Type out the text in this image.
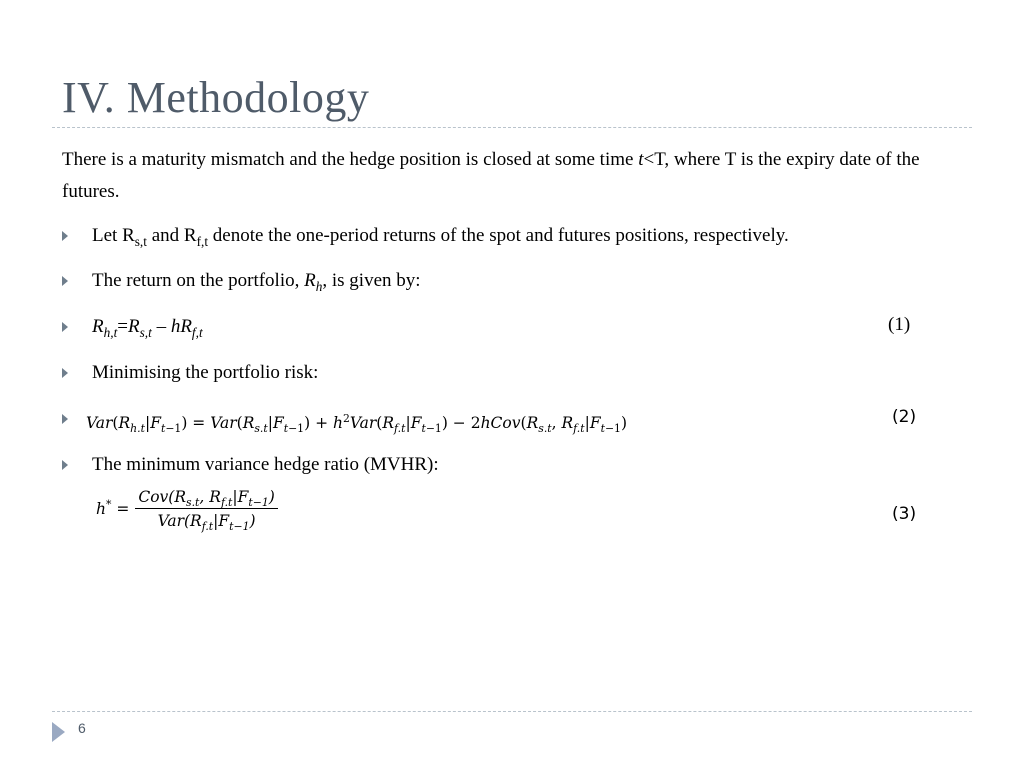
IV. Methodology
There is a maturity mismatch and the hedge position is closed at some time t<T, where T is the expiry date of the futures.
Let $R_{s,t}$ and $R_{f,t}$ denote the one-period returns of the spot and futures positions, respectively.
The return on the portfolio, $R_h$, is given by:
$R_{h,t}=R_{s,t} - hR_{f,t}$	(1)
Minimising the portfolio risk:
$Var(R_{h.t}|F_{t-1}) = Var(R_{s.t}|F_{t-1}) + h^2Var(R_{f.t}|F_{t-1})$ − $2hCov(R_{s.t}$, $R_{f.t}|F_{t-1}$)	(2)
The minimum variance hedge ratio (MVHR):
$h^* = \frac{Cov(R_{s.t}, R_{f.t}|F_{t-1})}{Var(R_{f.t}|F_{t-1})}$	(3)
6
